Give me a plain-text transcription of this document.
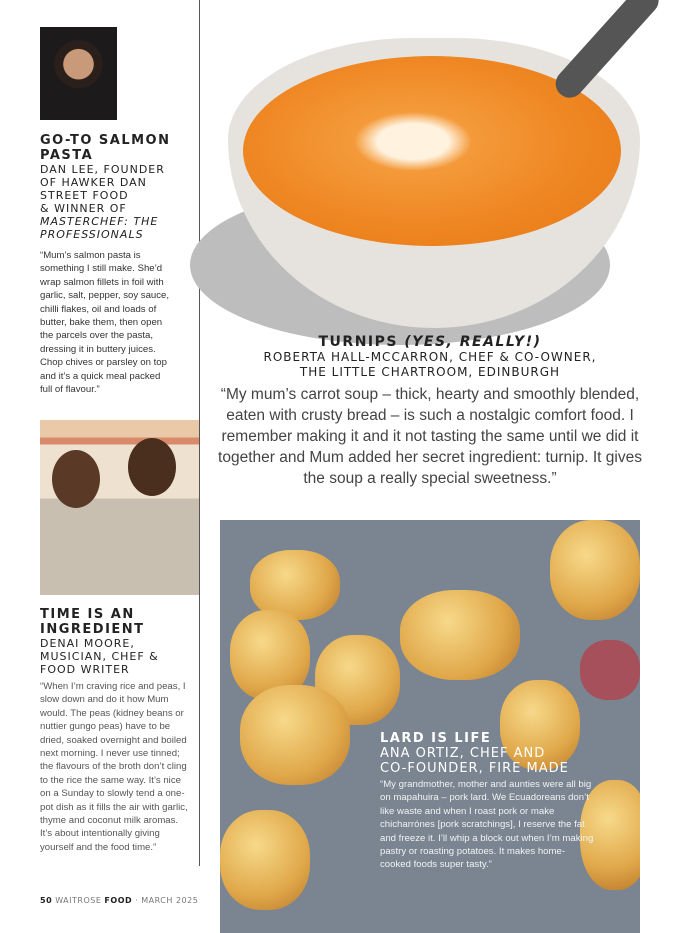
GO-TO SALMON PASTA
DAN LEE, FOUNDER
OF HAWKER DAN
STREET FOOD
& WINNER OF
MASTERCHEF: THE
PROFESSIONALS

“Mum’s salmon pasta is something I still make. She’d wrap salmon fillets in foil with garlic, salt, pepper, soy sauce, chilli flakes, oil and loads of butter, bake them, then open the parcels over the pasta, dressing it in buttery juices. Chop chives or parsley on top and it’s a quick meal packed full of flavour.”

TIME IS AN INGREDIENT
DENAI MOORE, MUSICIAN, CHEF & FOOD WRITER

“When I’m craving rice and peas, I slow down and do it how Mum would. The peas (kidney beans or nuttier gungo peas) have to be dried, soaked overnight and boiled next morning. I never use tinned; the flavours of the broth don’t cling to the rice the same way. It’s nice on a Sunday to slowly tend a one-pot dish as it fills the air with garlic, thyme and coconut milk aromas. It’s about intentionally giving yourself and the food time.”

50 WAITROSE FOOD · MARCH 2025
TURNIPS (YES, REALLY!)
ROBERTA HALL-MCCARRON, CHEF & CO-OWNER,
THE LITTLE CHARTROOM, EDINBURGH

“My mum’s carrot soup – thick, hearty and smoothly blended, eaten with crusty bread – is such a nostalgic comfort food. I remember making it and it not tasting the same until we did it together and Mum added her secret ingredient: turnip. It gives the soup a really special sweetness.”

LARD IS LIFE
ANA ORTIZ, CHEF AND
CO-FOUNDER, FIRE MADE

“My grandmother, mother and aunties were all big on mapahuira – pork lard. We Ecuadoreans don’t like waste and when I roast pork or make chicharrónes [pork scratchings], I reserve the fat and freeze it. I’ll whip a block out when I’m making pastry or roasting potatoes. It makes home-cooked foods super tasty.”
